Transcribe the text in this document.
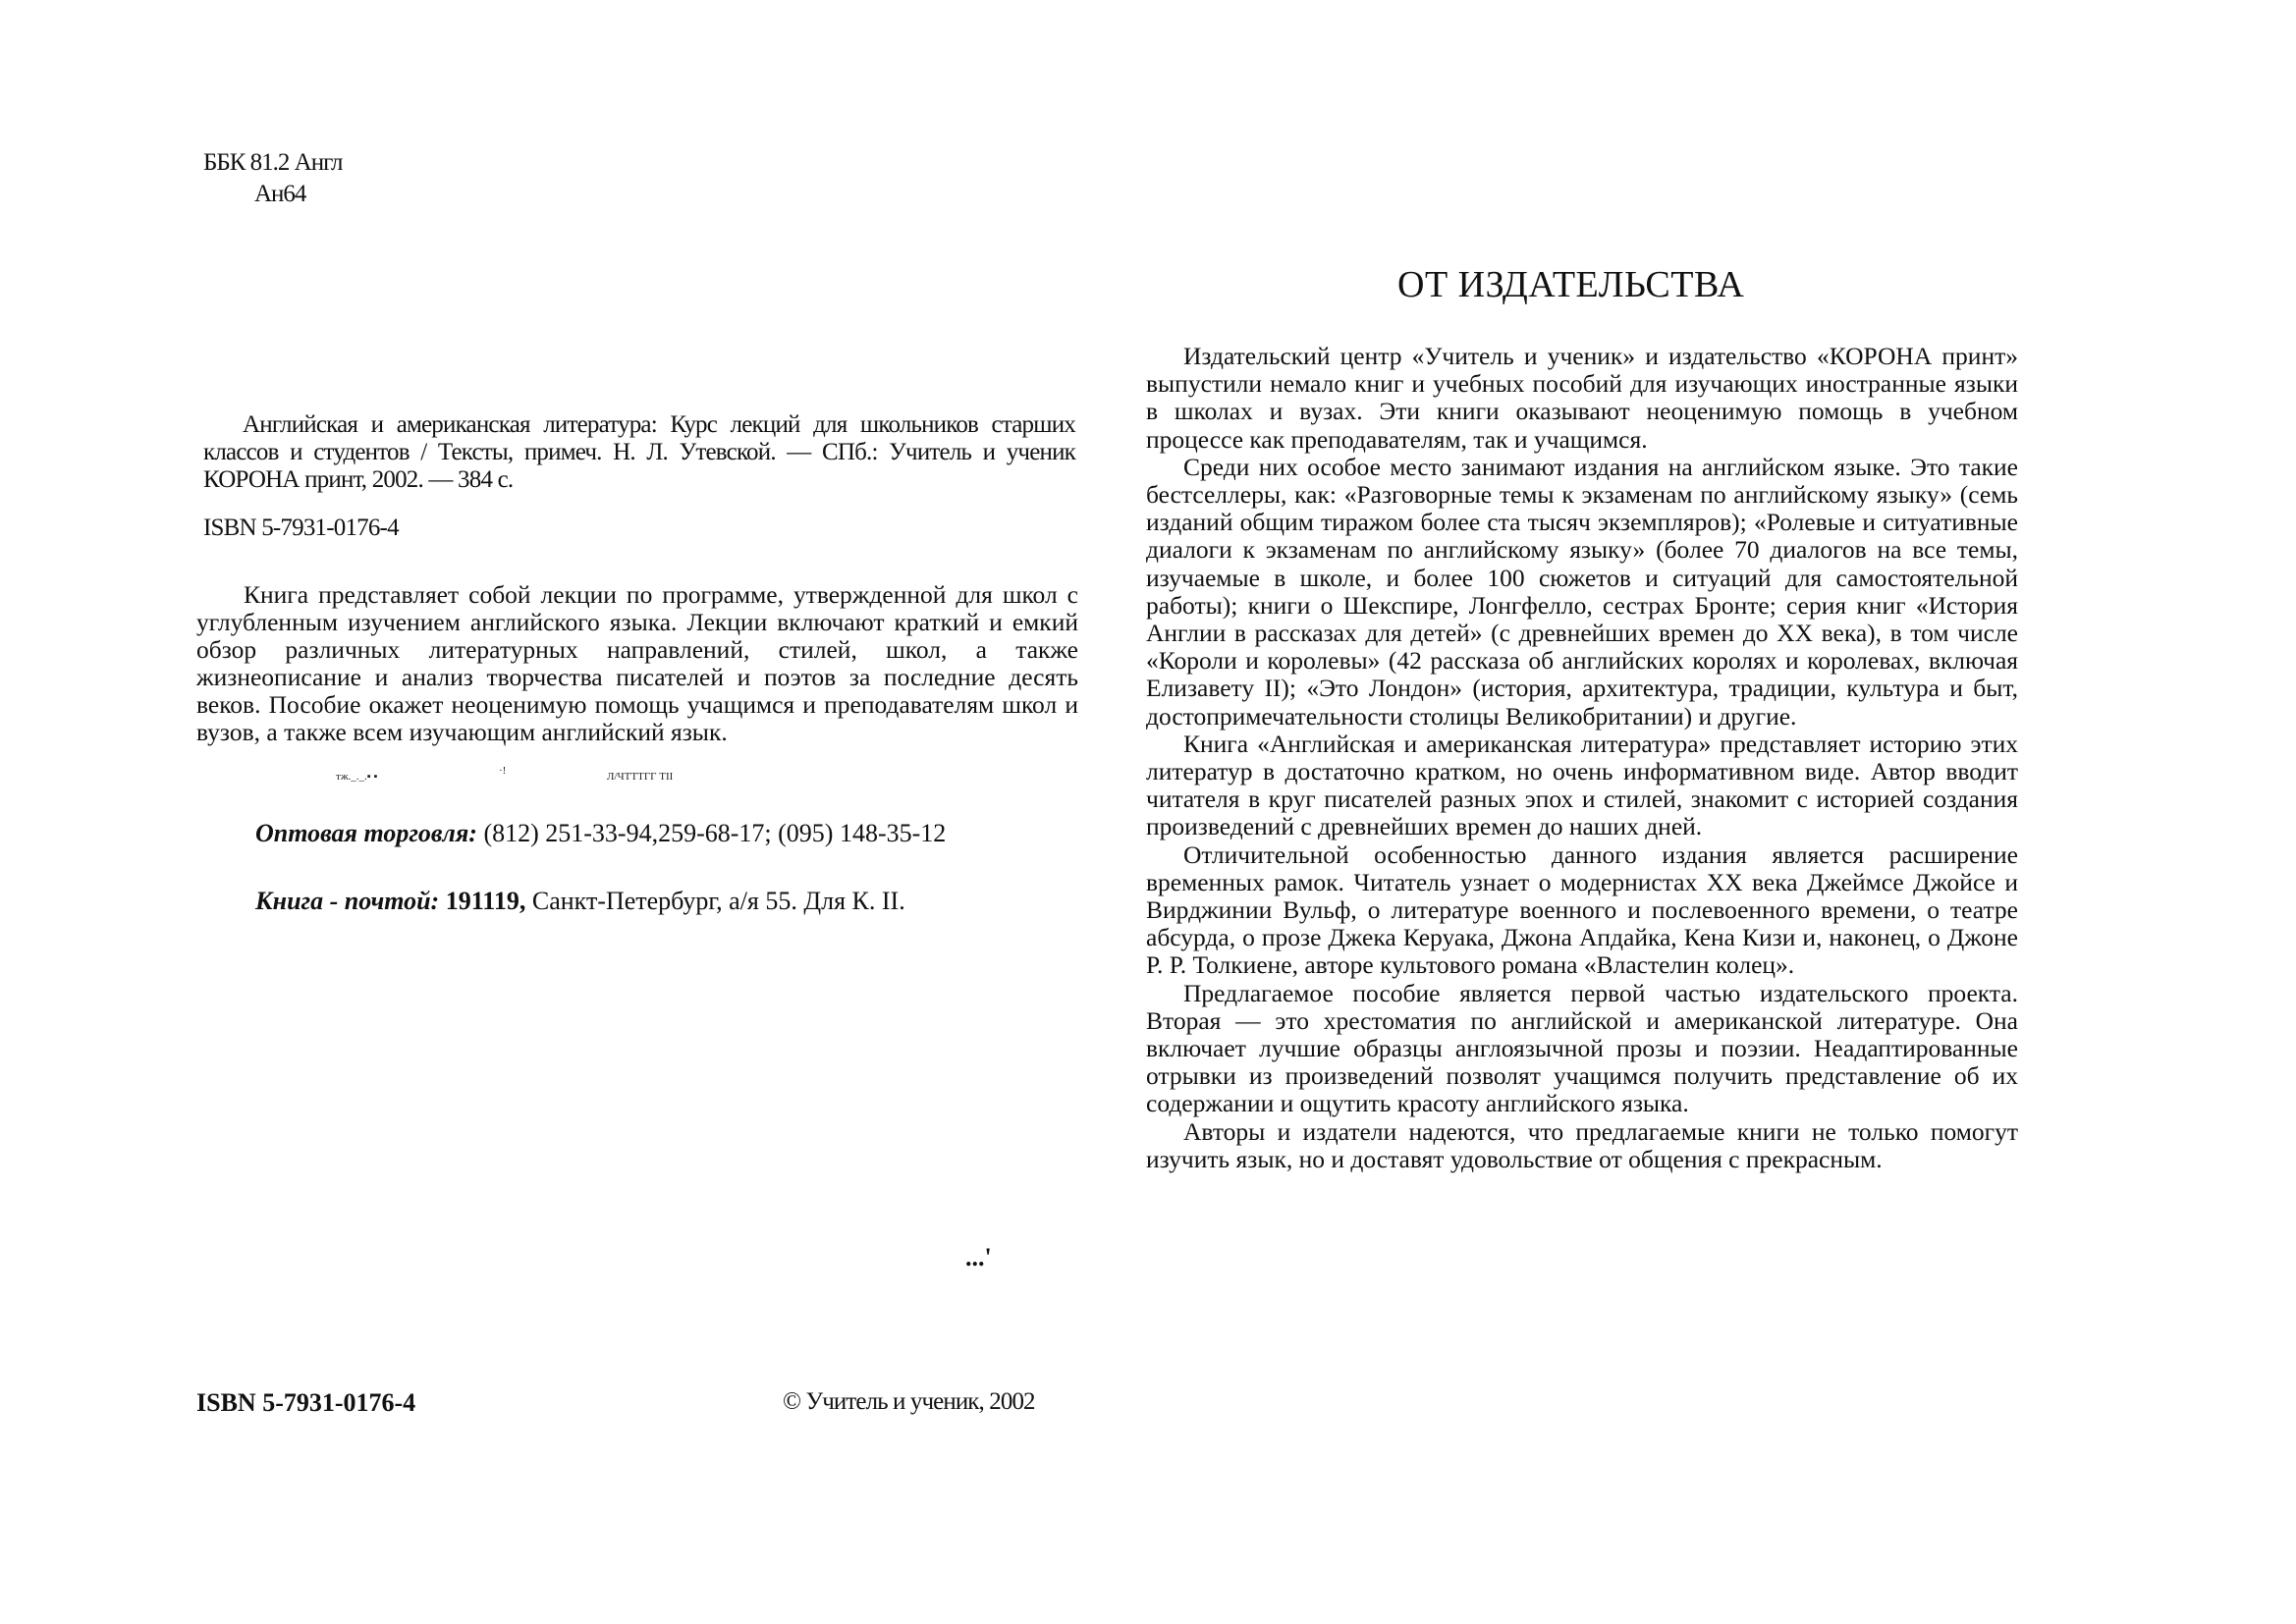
ББК 81.2 Англ
Ан64

Английская и американская литература: Курс лекций для школьников старших классов и студентов / Тексты, примеч. Н. Л. Утевской. — СПб.: Учитель и ученик КОРОНА принт, 2002. — 384 с.

ISBN 5-7931-0176-4

Книга представляет собой лекции по программе, утвержденной для школ с углубленным изучением английского языка. Лекции включают краткий и емкий обзор различных литературных направлений, стилей, школ, а также жизнеописание и анализ творчества писателей и поэтов за последние десять веков. Пособие окажет неоценимую помощь учащимся и преподавателям школ и вузов, а также всем изучающим английский язык.

тж._._.▪ ▪	·!	Л/ЧТТТГГ ТII
Оптовая торговля: (812) 251-33-94,259-68-17; (095) 148-35-12
Книга - почтой: 191119, Санкт-Петербург, а/я 55. Для К. II.
...'
ISBN 5-7931-0176-4	© Учитель и ученик, 2002
ОТ ИЗДАТЕЛЬСТВА

Издательский центр «Учитель и ученик» и издательство «КОРОНА принт» выпустили немало книг и учебных пособий для изучающих иностранные языки в школах и вузах. Эти книги оказывают неоценимую помощь в учебном процессе как преподавателям, так и учащимся.

Среди них особое место занимают издания на английском языке. Это такие бестселлеры, как: «Разговорные темы к экзаменам по английскому языку» (семь изданий общим тиражом более ста тысяч экземпляров); «Ролевые и ситуативные диалоги к экзаменам по английскому языку» (более 70 диалогов на все темы, изучаемые в школе, и более 100 сюжетов и ситуаций для самостоятельной работы); книги о Шекспире, Лонгфелло, сестрах Бронте; серия книг «История Англии в рассказах для детей» (с древнейших времен до XX века), в том числе «Короли и королевы» (42 рассказа об английских королях и королевах, включая Елизавету II); «Это Лондон» (история, архитектура, традиции, культура и быт, достопримечательности столицы Великобритании) и другие.

Книга «Английская и американская литература» представляет историю этих литератур в достаточно кратком, но очень информативном виде. Автор вводит читателя в круг писателей разных эпох и стилей, знакомит с историей создания произведений с древнейших времен до наших дней.

Отличительной особенностью данного издания является расширение временных рамок. Читатель узнает о модернистах XX века Джеймсе Джойсе и Вирджинии Вульф, о литературе военного и послевоенного времени, о театре абсурда, о прозе Джека Керуака, Джона Апдайка, Кена Кизи и, наконец, о Джоне Р. Р. Толкиене, авторе культового романа «Властелин колец».

Предлагаемое пособие является первой частью издательского проекта. Вторая — это хрестоматия по английской и американской литературе. Она включает лучшие образцы англоязычной прозы и поэзии. Неадаптированные отрывки из произведений позволят учащимся получить представление об их содержании и ощутить красоту английского языка.

Авторы и издатели надеются, что предлагаемые книги не только помогут изучить язык, но и доставят удовольствие от общения с прекрасным.
